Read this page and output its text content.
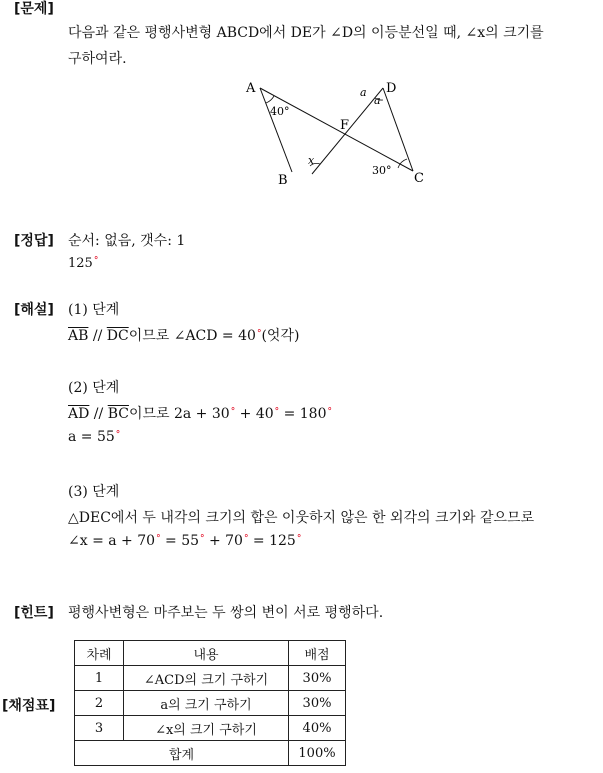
[문제]
다음과 같은 평행사변형 ABCD에서 DE가 ∠D의 이등분선일 때, ∠x의 크기를
구하여라.
A
B	C
D
F
40°
30°
x
a
a
[정답] 순서: 없음, 갯수: 1
125°
[해설] (1) 단계
$\overline{AB} // \overline{DC}$이므로 ∠ACD = 40°(엇각)
(2) 단계
$\overline{AD} // \overline{BC}$이므로 2a + 30° + 40° = 180°
a = 55°
(3) 단계
△DEC에서 두 내각의 크기의 합은 이웃하지 않은 한 외각의 크기와 같으므로
∠x = a + 70° = 55° + 70° = 125°
[힌트] 평행사변형은 마주보는 두 쌍의 변이 서로 평행하다.
[채점표]
차례	내용	배점
1	∠ACD의 크기 구하기	30%
2	a의 크기 구하기	30%
3	∠x의 크기 구하기	40%
합계		100%
